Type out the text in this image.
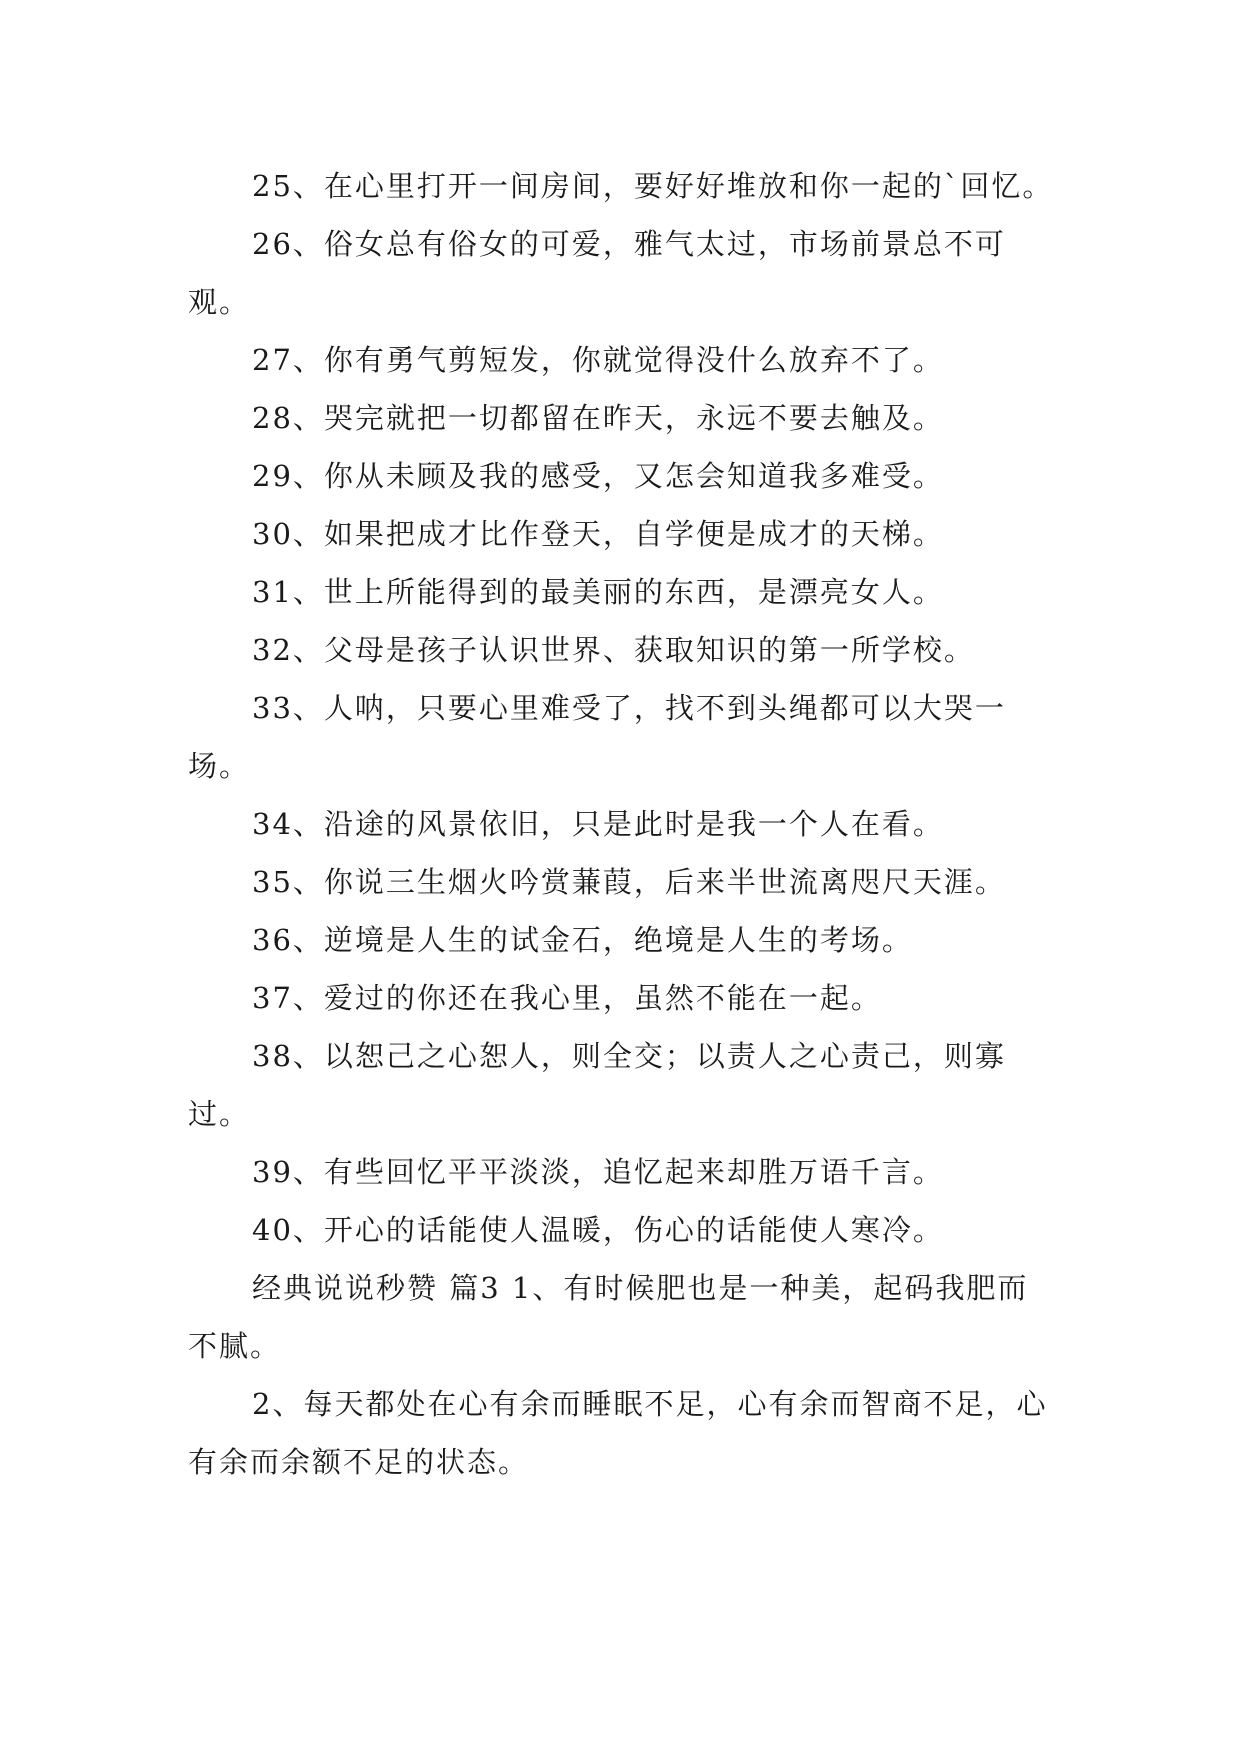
25、在心里打开一间房间，要好好堆放和你一起的`回忆。

26、俗女总有俗女的可爱，雅气太过，市场前景总不可观。

27、你有勇气剪短发，你就觉得没什么放弃不了。

28、哭完就把一切都留在昨天，永远不要去触及。

29、你从未顾及我的感受，又怎会知道我多难受。

30、如果把成才比作登天，自学便是成才的天梯。

31、世上所能得到的最美丽的东西，是漂亮女人。

32、父母是孩子认识世界、获取知识的第一所学校。

33、人呐，只要心里难受了，找不到头绳都可以大哭一场。

34、沿途的风景依旧，只是此时是我一个人在看。

35、你说三生烟火吟赏蒹葭，后来半世流离咫尺天涯。

36、逆境是人生的试金石，绝境是人生的考场。

37、爱过的你还在我心里，虽然不能在一起。

38、以恕己之心恕人，则全交；以责人之心责己，则寡过。

39、有些回忆平平淡淡，追忆起来却胜万语千言。

40、开心的话能使人温暖，伤心的话能使人寒冷。

经典说说秒赞 篇3 1、有时候肥也是一种美，起码我肥而不腻。

2、每天都处在心有余而睡眠不足，心有余而智商不足，心有余而余额不足的状态。
